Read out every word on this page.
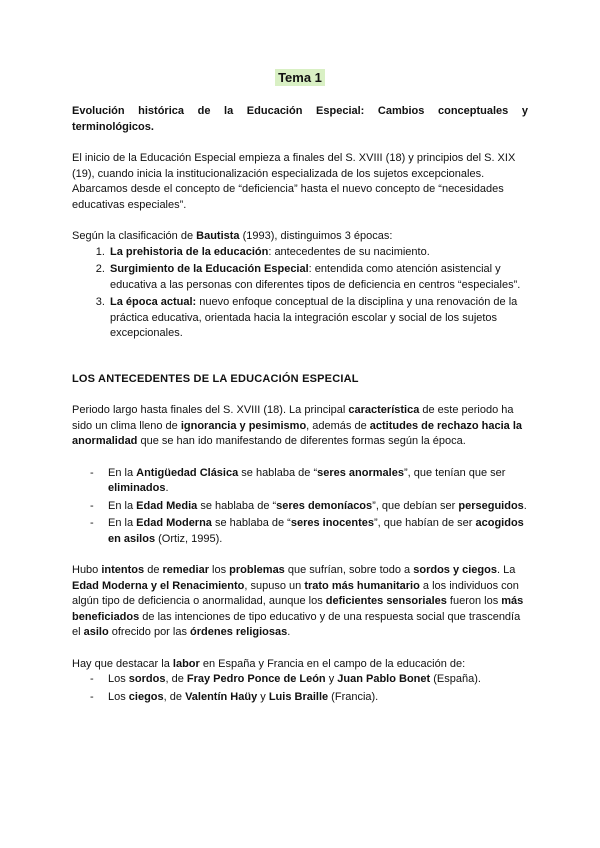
Tema 1

Evolución histórica de la Educación Especial: Cambios conceptuales y terminológicos.

El inicio de la Educación Especial empieza a finales del S. XVIII (18) y principios del S. XIX (19), cuando inicia la institucionalización especializada de los sujetos excepcionales. Abarcamos desde el concepto de “deficiencia” hasta el nuevo concepto de “necesidades educativas especiales”.

Según la clasificación de Bautista (1993), distinguimos 3 épocas:

1. La prehistoria de la educación: antecedentes de su nacimiento.
2. Surgimiento de la Educación Especial: entendida como atención asistencial y educativa a las personas con diferentes tipos de deficiencia en centros “especiales”.
3. La época actual: nuevo enfoque conceptual de la disciplina y una renovación de la práctica educativa, orientada hacia la integración escolar y social de los sujetos excepcionales.

LOS ANTECEDENTES DE LA EDUCACIÓN ESPECIAL

Periodo largo hasta finales del S. XVIII (18). La principal característica de este periodo ha sido un clima lleno de ignorancia y pesimismo, además de actitudes de rechazo hacia la anormalidad que se han ido manifestando de diferentes formas según la época.

- En la Antigüedad Clásica se hablaba de “seres anormales”, que tenían que ser eliminados.
- En la Edad Media se hablaba de “seres demoníacos”, que debían ser perseguidos.
- En la Edad Moderna se hablaba de “seres inocentes”, que habían de ser acogidos en asilos (Ortiz, 1995).

Hubo intentos de remediar los problemas que sufrían, sobre todo a sordos y ciegos. La Edad Moderna y el Renacimiento, supuso un trato más humanitario a los individuos con algún tipo de deficiencia o anormalidad, aunque los deficientes sensoriales fueron los más beneficiados de las intenciones de tipo educativo y de una respuesta social que trascendía el asilo ofrecido por las órdenes religiosas.

Hay que destacar la labor en España y Francia en el campo de la educación de:

- Los sordos, de Fray Pedro Ponce de León y Juan Pablo Bonet (España).
- Los ciegos, de Valentín Haüy y Luis Braille (Francia).
